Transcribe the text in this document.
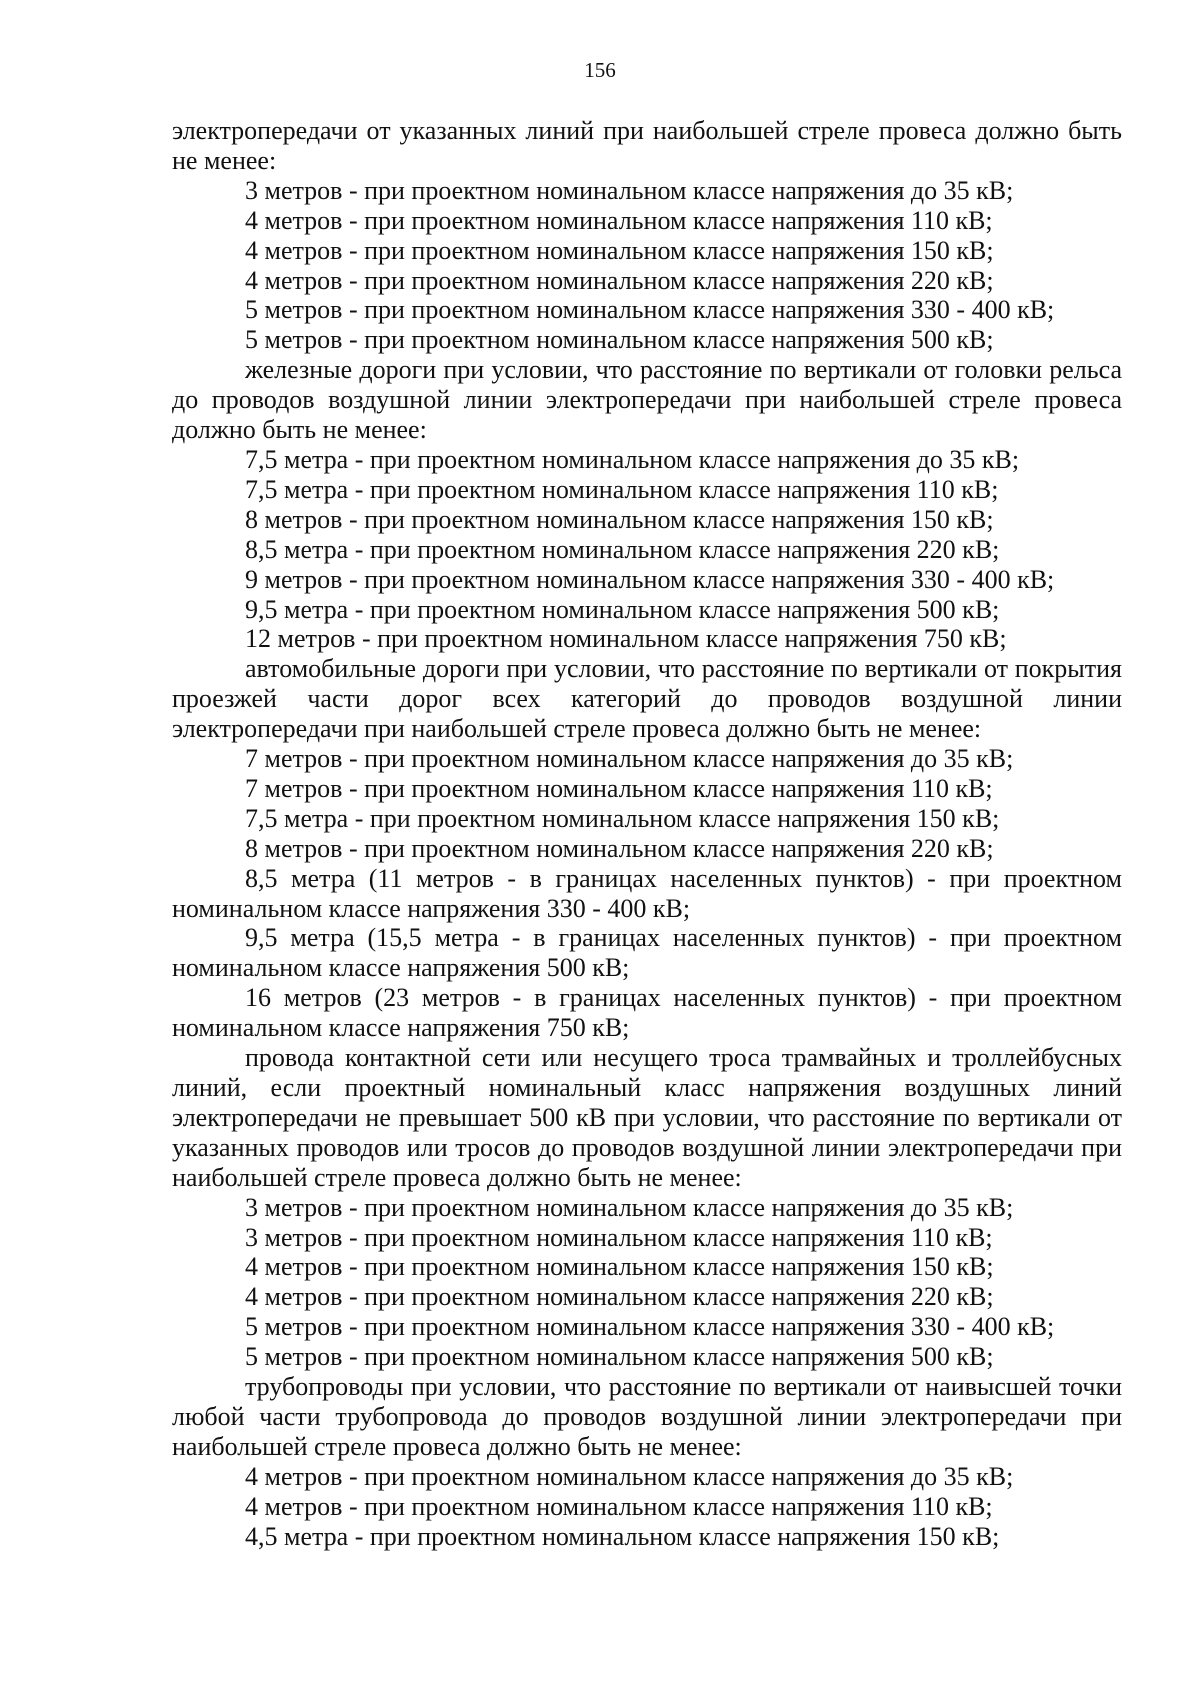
156

электропередачи от указанных линий при наибольшей стреле провеса должно быть не менее:

3 метров - при проектном номинальном классе напряжения до 35 кВ;

4 метров - при проектном номинальном классе напряжения 110 кВ;

4 метров - при проектном номинальном классе напряжения 150 кВ;

4 метров - при проектном номинальном классе напряжения 220 кВ;

5 метров - при проектном номинальном классе напряжения 330 - 400 кВ;

5 метров - при проектном номинальном классе напряжения 500 кВ;

железные дороги при условии, что расстояние по вертикали от головки рельса до проводов воздушной линии электропередачи при наибольшей стреле провеса должно быть не менее:

7,5 метра - при проектном номинальном классе напряжения до 35 кВ;

7,5 метра - при проектном номинальном классе напряжения 110 кВ;

8 метров - при проектном номинальном классе напряжения 150 кВ;

8,5 метра - при проектном номинальном классе напряжения 220 кВ;

9 метров - при проектном номинальном классе напряжения 330 - 400 кВ;

9,5 метра - при проектном номинальном классе напряжения 500 кВ;

12 метров - при проектном номинальном классе напряжения 750 кВ;

автомобильные дороги при условии, что расстояние по вертикали от покрытия проезжей части дорог всех категорий до проводов воздушной линии электропередачи при наибольшей стреле провеса должно быть не менее:

7 метров - при проектном номинальном классе напряжения до 35 кВ;

7 метров - при проектном номинальном классе напряжения 110 кВ;

7,5 метра - при проектном номинальном классе напряжения 150 кВ;

8 метров - при проектном номинальном классе напряжения 220 кВ;

8,5 метра (11 метров - в границах населенных пунктов) - при проектном номинальном классе напряжения 330 - 400 кВ;

9,5 метра (15,5 метра - в границах населенных пунктов) - при проектном номинальном классе напряжения 500 кВ;

16 метров (23 метров - в границах населенных пунктов) - при проектном номинальном классе напряжения 750 кВ;

провода контактной сети или несущего троса трамвайных и троллейбусных линий, если проектный номинальный класс напряжения воздушных линий электропередачи не превышает 500 кВ при условии, что расстояние по вертикали от указанных проводов или тросов до проводов воздушной линии электропередачи при наибольшей стреле провеса должно быть не менее:

3 метров - при проектном номинальном классе напряжения до 35 кВ;

3 метров - при проектном номинальном классе напряжения 110 кВ;

4 метров - при проектном номинальном классе напряжения 150 кВ;

4 метров - при проектном номинальном классе напряжения 220 кВ;

5 метров - при проектном номинальном классе напряжения 330 - 400 кВ;

5 метров - при проектном номинальном классе напряжения 500 кВ;

трубопроводы при условии, что расстояние по вертикали от наивысшей точки любой части трубопровода до проводов воздушной линии электропередачи при наибольшей стреле провеса должно быть не менее:

4 метров - при проектном номинальном классе напряжения до 35 кВ;

4 метров - при проектном номинальном классе напряжения 110 кВ;

4,5 метра - при проектном номинальном классе напряжения 150 кВ;
